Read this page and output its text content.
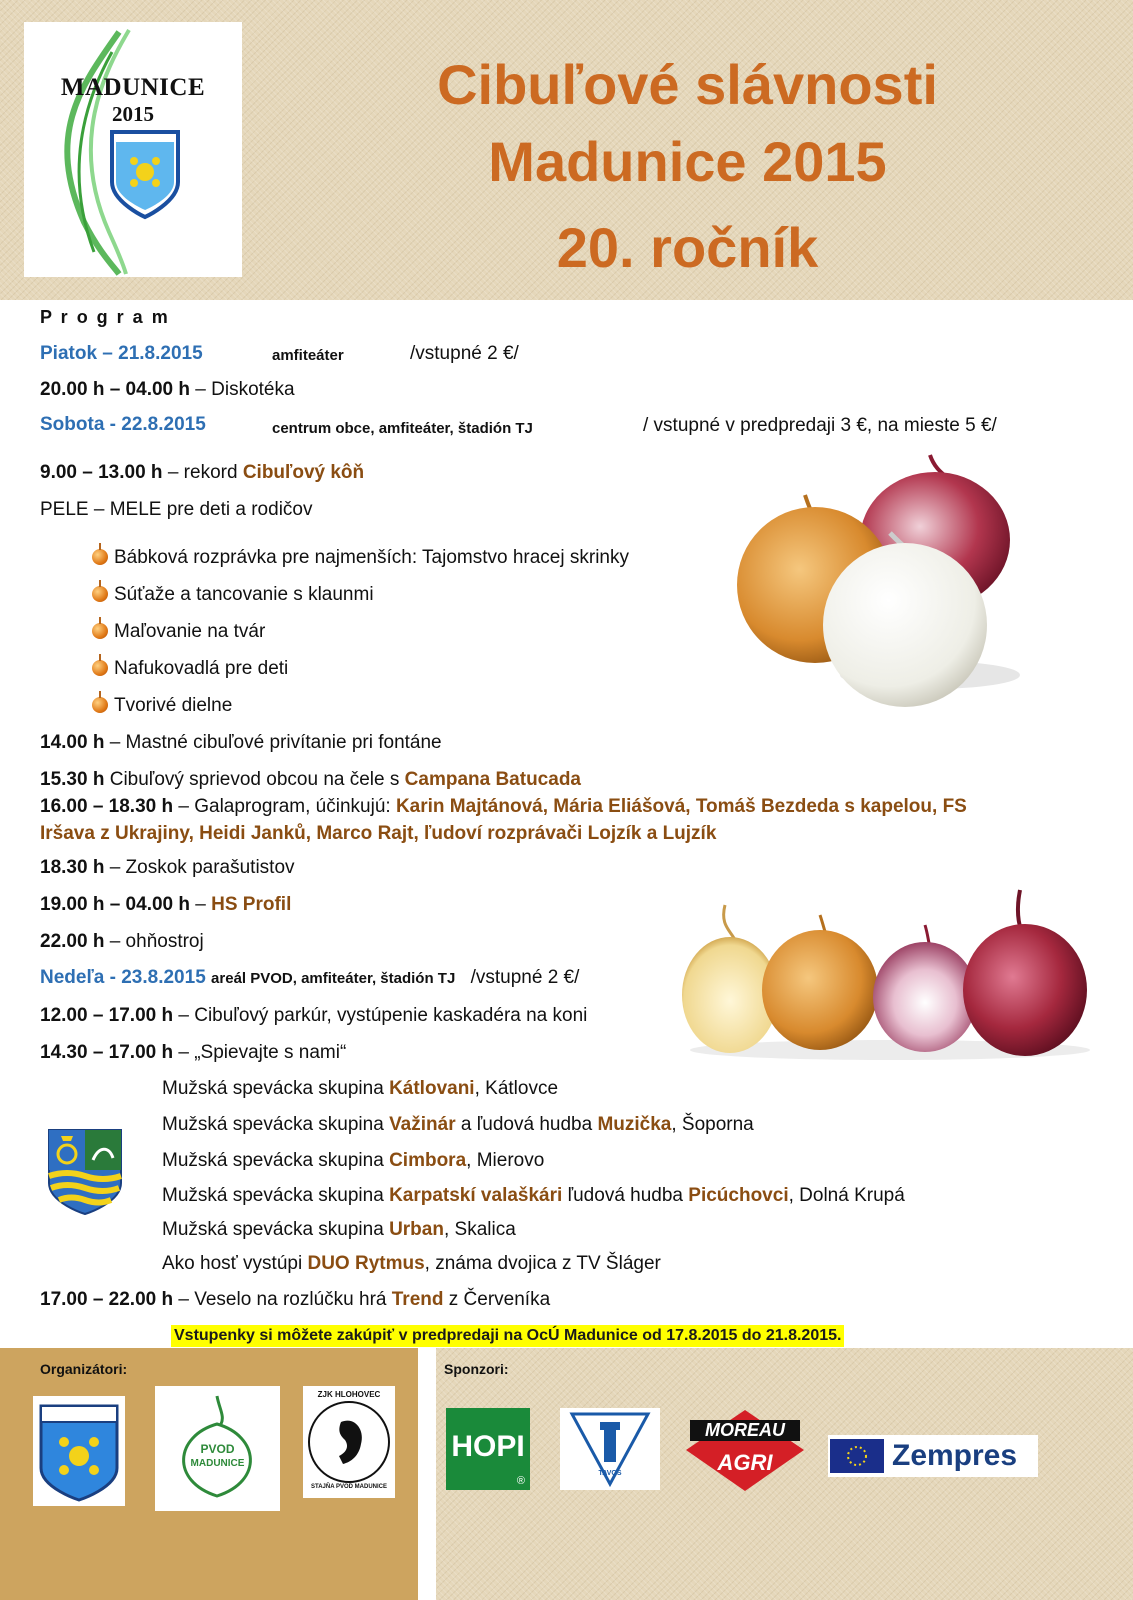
MADUNICE
2015	Cibuľové slávnosti
Madunice 2015
20. ročník
P r o g r a m
Piatok – 21.8.2015	amfiteáter	/vstupné 2 €/
20.00 h – 04.00 h – Diskotéka
Sobota - 22.8.2015	centrum obce, amfiteáter, štadión TJ	/ vstupné v predpredaji 3 €, na mieste 5 €/
9.00 – 13.00 h – rekord Cibuľový kôň
PELE – MELE pre deti a rodičov
Bábková rozprávka pre najmenších: Tajomstvo hracej skrinky
Súťaže a tancovanie s klaunmi
Maľovanie na tvár
Nafukovadlá pre deti
Tvorivé dielne
14.00 h – Mastné cibuľové privítanie pri fontáne
15.30 h Cibuľový sprievod obcou na čele s Campana Batucada
16.00 – 18.30 h – Galaprogram, účinkujú: Karin Majtánová, Mária Eliášová, Tomáš Bezdeda s kapelou, FS
Iršava z Ukrajiny, Heidi Janků, Marco Rajt, ľudoví rozprávači Lojzík a Lujzík
18.30 h – Zoskok parašutistov
19.00 h – 04.00 h – HS Profil
22.00 h – ohňostroj
Nedeľa - 23.8.2015 areál PVOD, amfiteáter, štadión TJ /vstupné 2 €/
12.00 – 17.00 h – Cibuľový parkúr, vystúpenie kaskadéra na koni
14.30 – 17.00 h – „Spievajte s nami“
Mužská spevácka skupina Kátlovani, Kátlovce
Mužská spevácka skupina Važinár a ľudová hudba Muzička, Šopornа
Mužská spevácka skupina Cimbora, Mierovo
Mužská spevácka skupina Karpatskí valaškári ľudová hudba Picúchovci, Dolná Krupá
Mužská spevácka skupina Urban, Skalica
Ako hosť vystúpi DUO Rytmus, známa dvojica z TV Šláger
17.00 – 22.00 h – Veselo na rozlúčku hrá Trend z Červeníka
Vstupenky si môžete zakúpiť v predpredaji na OcÚ Madunice od 17.8.2015 do 21.8.2015.
Organizátori:
PVOD
MADUNICE
ZJK HLOHOVEC
STAJŇA PVOD MADUNICE
Sponzori:
HOPI
®
TAVOS
MOREAU
AGRI	Zempres
